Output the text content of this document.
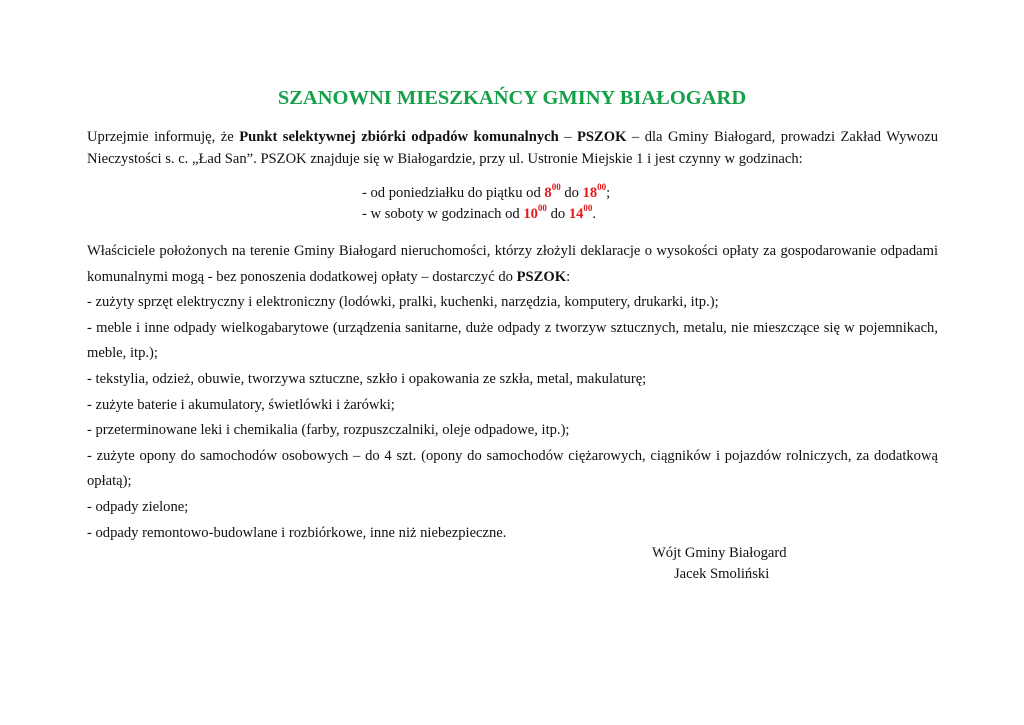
SZANOWNI MIESZKAŃCY GMINY BIAŁOGARD
Uprzejmie informuję, że Punkt selektywnej zbiórki odpadów komunalnych – PSZOK – dla Gminy Białogard, prowadzi Zakład Wywozu Nieczystości s. c. „Ład San”. PSZOK znajduje się w Białogardzie, przy ul. Ustronie Miejskie 1 i jest czynny w godzinach:
- od poniedziałku do piątku od $8^{00}$ do $18^{00}$;
- w soboty w godzinach od $10^{00}$ do $14^{00}$.

Właściciele położonych na terenie Gminy Białogard nieruchomości, którzy złożyli deklaracje o wysokości opłaty za gospodarowanie odpadami komunalnymi mogą - bez ponoszenia dodatkowej opłaty – dostarczyć do PSZOK:

- zużyty sprzęt elektryczny i elektroniczny (lodówki, pralki, kuchenki, narzędzia, komputery, drukarki, itp.);

- meble i inne odpady wielkogabarytowe (urządzenia sanitarne, duże odpady z tworzyw sztucznych, metalu, nie mieszczące się w pojemnikach, meble, itp.);

- tekstylia, odzież, obuwie, tworzywa sztuczne, szkło i opakowania ze szkła, metal, makulaturę;

- zużyte baterie i akumulatory, świetlówki i żarówki;

- przeterminowane leki i chemikalia (farby, rozpuszczalniki, oleje odpadowe, itp.);

- zużyte opony do samochodów osobowych – do 4 szt. (opony do samochodów ciężarowych, ciągników i pojazdów rolniczych, za dodatkową opłatą);

- odpady zielone;

- odpady remontowo-budowlane i rozbiórkowe, inne niż niebezpieczne.

Wójt Gminy Białogard
Jacek Smoliński
